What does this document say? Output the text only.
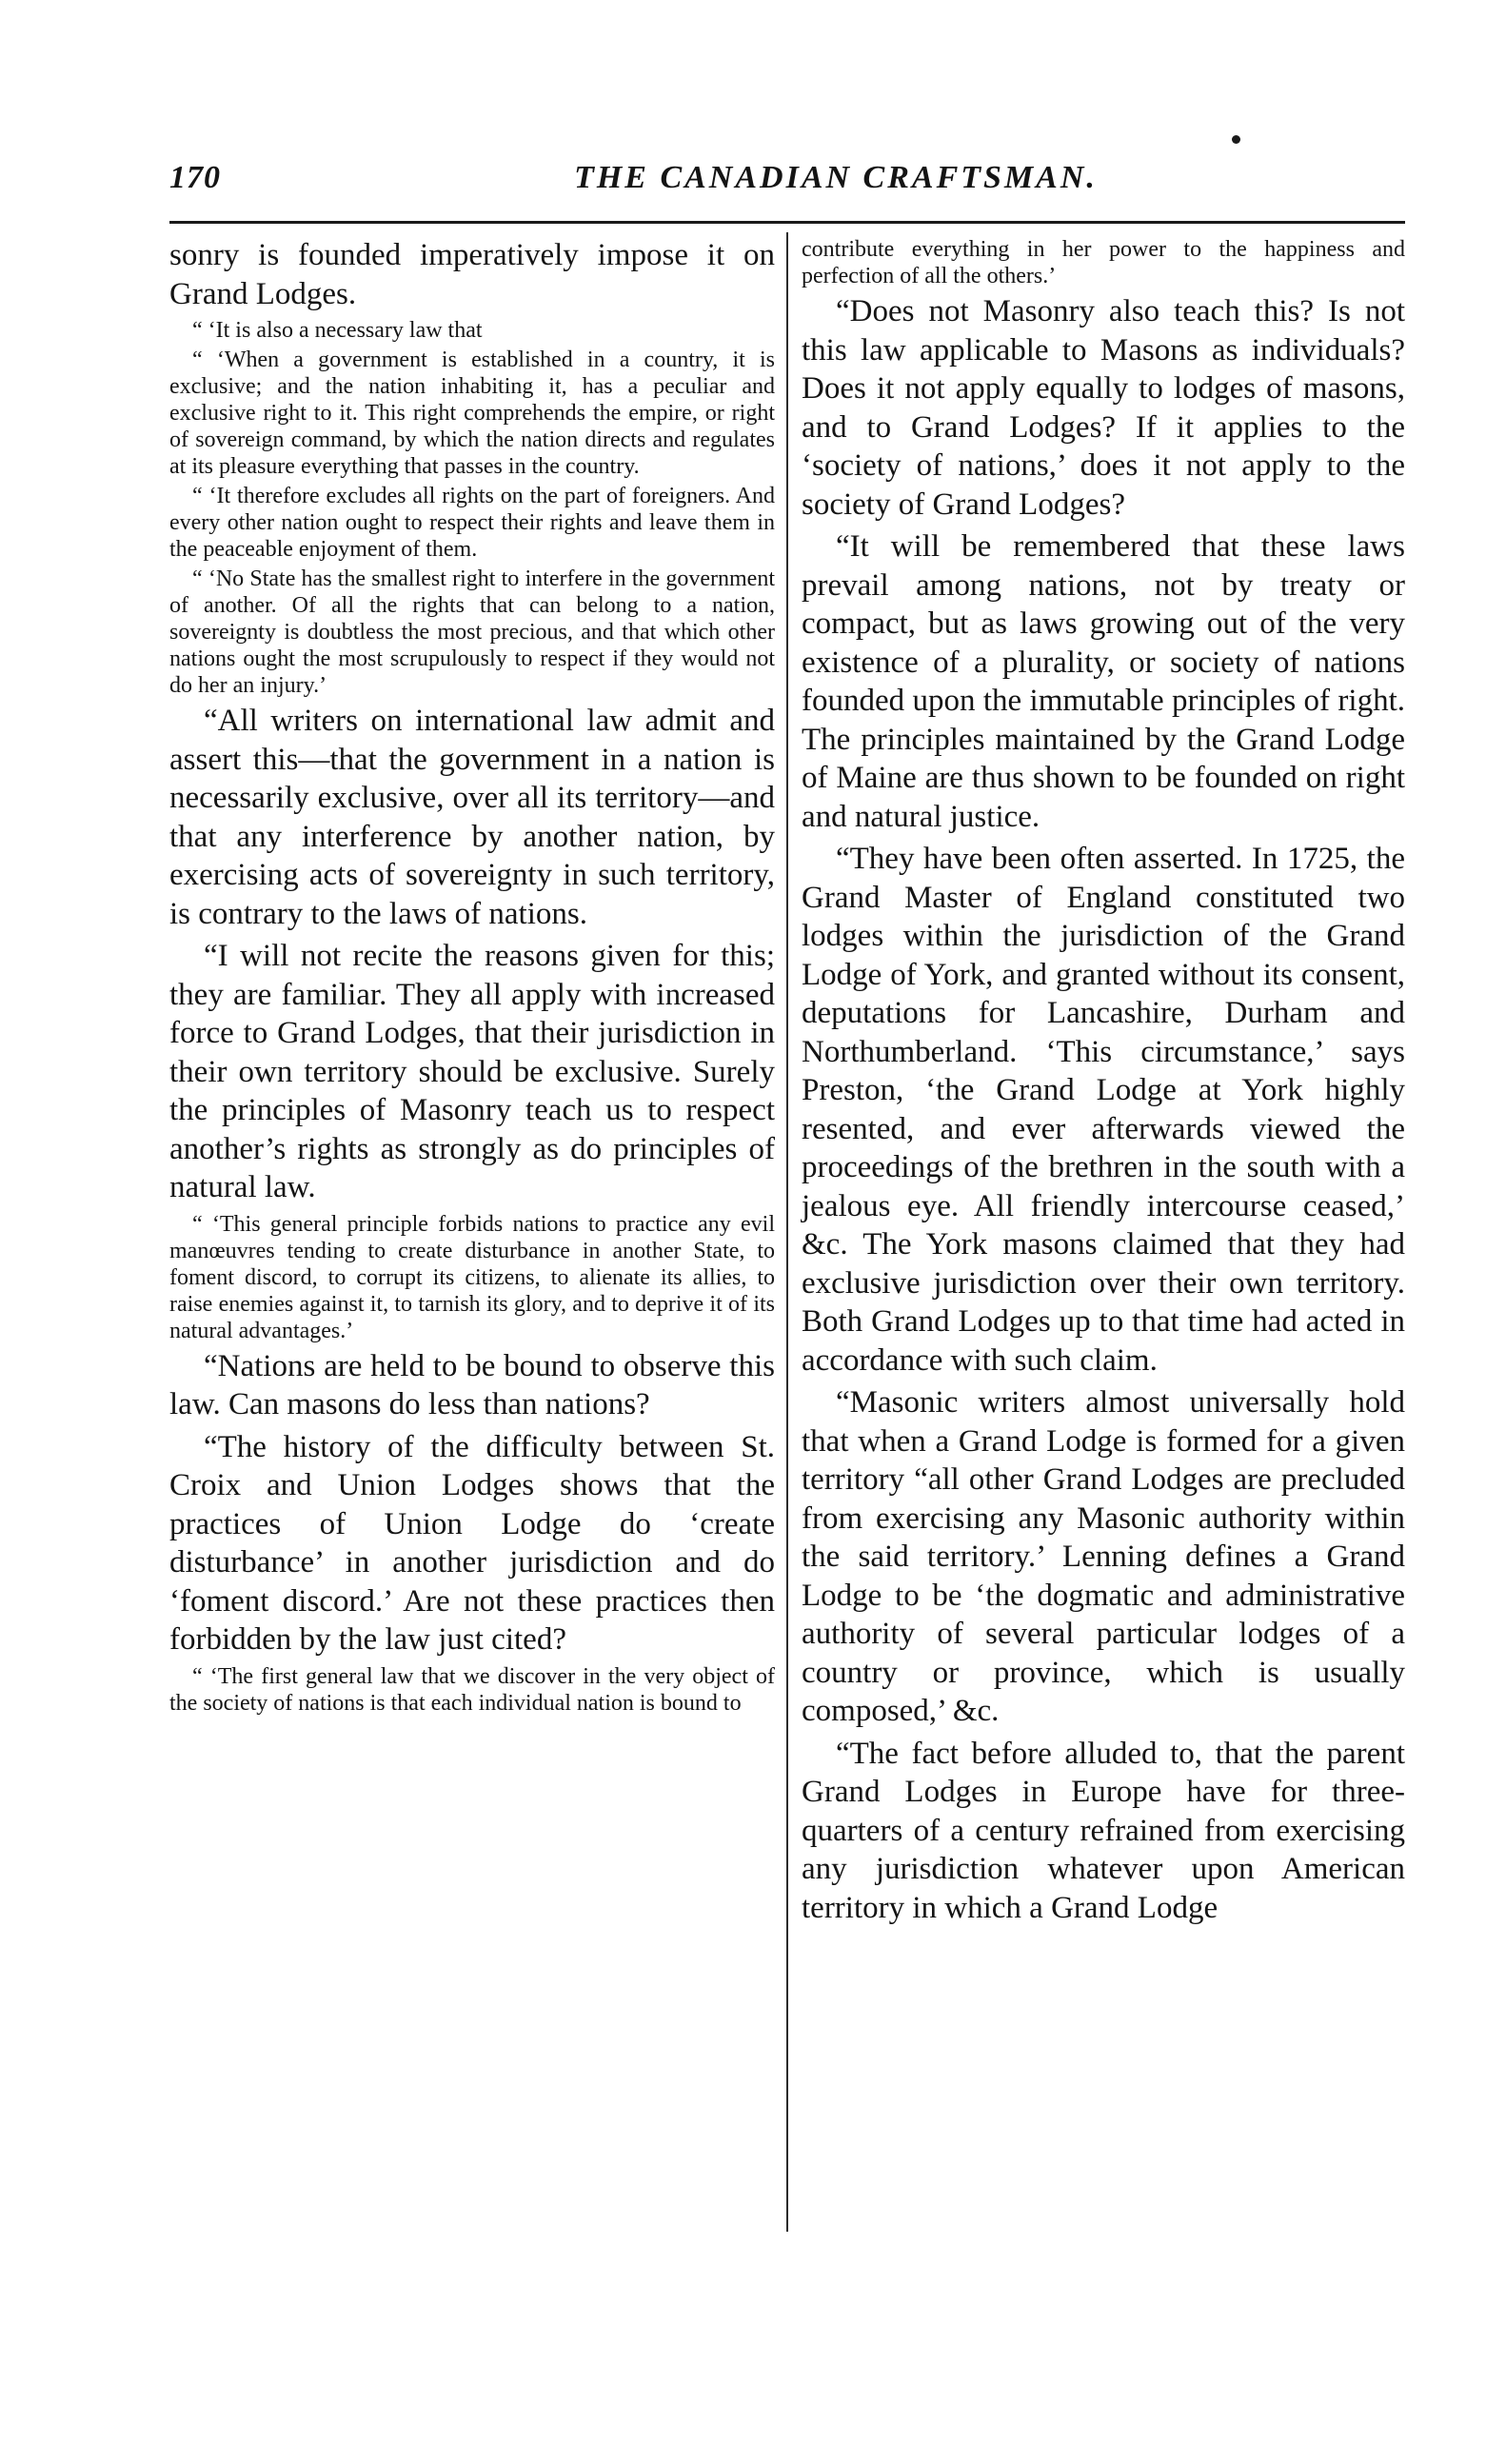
170	THE CANADIAN CRAFTSMAN.

sonry is founded imperatively impose it on Grand Lodges.

“ ‘It is also a necessary law that

“ ‘When a government is established in a country, it is exclusive; and the nation inhabiting it, has a peculiar and exclusive right to it. This right comprehends the empire, or right of sovereign command, by which the nation directs and regulates at its pleasure everything that passes in the country.

“ ‘It therefore excludes all rights on the part of foreigners. And every other nation ought to respect their rights and leave them in the peaceable enjoyment of them.

“ ‘No State has the smallest right to interfere in the government of another. Of all the rights that can belong to a nation, sovereignty is doubtless the most precious, and that which other nations ought the most scrupulously to respect if they would not do her an injury.’

“All writers on international law admit and assert this—that the government in a nation is necessarily exclusive, over all its territory—and that any interference by another nation, by exercising acts of sovereignty in such territory, is contrary to the laws of nations.

“I will not recite the reasons given for this; they are familiar. They all apply with increased force to Grand Lodges, that their jurisdiction in their own territory should be exclusive. Surely the principles of Masonry teach us to respect another’s rights as strongly as do principles of natural law.

“ ‘This general principle forbids nations to practice any evil manœuvres tending to create disturbance in another State, to foment discord, to corrupt its citizens, to alienate its allies, to raise enemies against it, to tarnish its glory, and to deprive it of its natural advantages.’

“Nations are held to be bound to observe this law. Can masons do less than nations?

“The history of the difficulty between St. Croix and Union Lodges shows that the practices of Union Lodge do ‘create disturbance’ in another jurisdiction and do ‘foment discord.’ Are not these practices then forbidden by the law just cited?

“ ‘The first general law that we discover in the very object of the society of nations is that each individual nation is bound to

contribute everything in her power to the happiness and perfection of all the others.’

“Does not Masonry also teach this? Is not this law applicable to Masons as individuals? Does it not apply equally to lodges of masons, and to Grand Lodges? If it applies to the ‘society of nations,’ does it not apply to the society of Grand Lodges?

“It will be remembered that these laws prevail among nations, not by treaty or compact, but as laws growing out of the very existence of a plurality, or society of nations founded upon the immutable principles of right. The principles maintained by the Grand Lodge of Maine are thus shown to be founded on right and natural justice.

“They have been often asserted. In 1725, the Grand Master of England constituted two lodges within the jurisdiction of the Grand Lodge of York, and granted without its consent, deputations for Lancashire, Durham and Northumberland. ‘This circumstance,’ says Preston, ‘the Grand Lodge at York highly resented, and ever afterwards viewed the proceedings of the brethren in the south with a jealous eye. All friendly intercourse ceased,’ &c. The York masons claimed that they had exclusive jurisdiction over their own territory. Both Grand Lodges up to that time had acted in accordance with such claim.

“Masonic writers almost universally hold that when a Grand Lodge is formed for a given territory “all other Grand Lodges are precluded from exercising any Masonic authority within the said territory.’ Lenning defines a Grand Lodge to be ‘the dogmatic and administrative authority of several particular lodges of a country or province, which is usually composed,’ &c.

“The fact before alluded to, that the parent Grand Lodges in Europe have for three-quarters of a century refrained from exercising any jurisdiction whatever upon American territory in which a Grand Lodge
